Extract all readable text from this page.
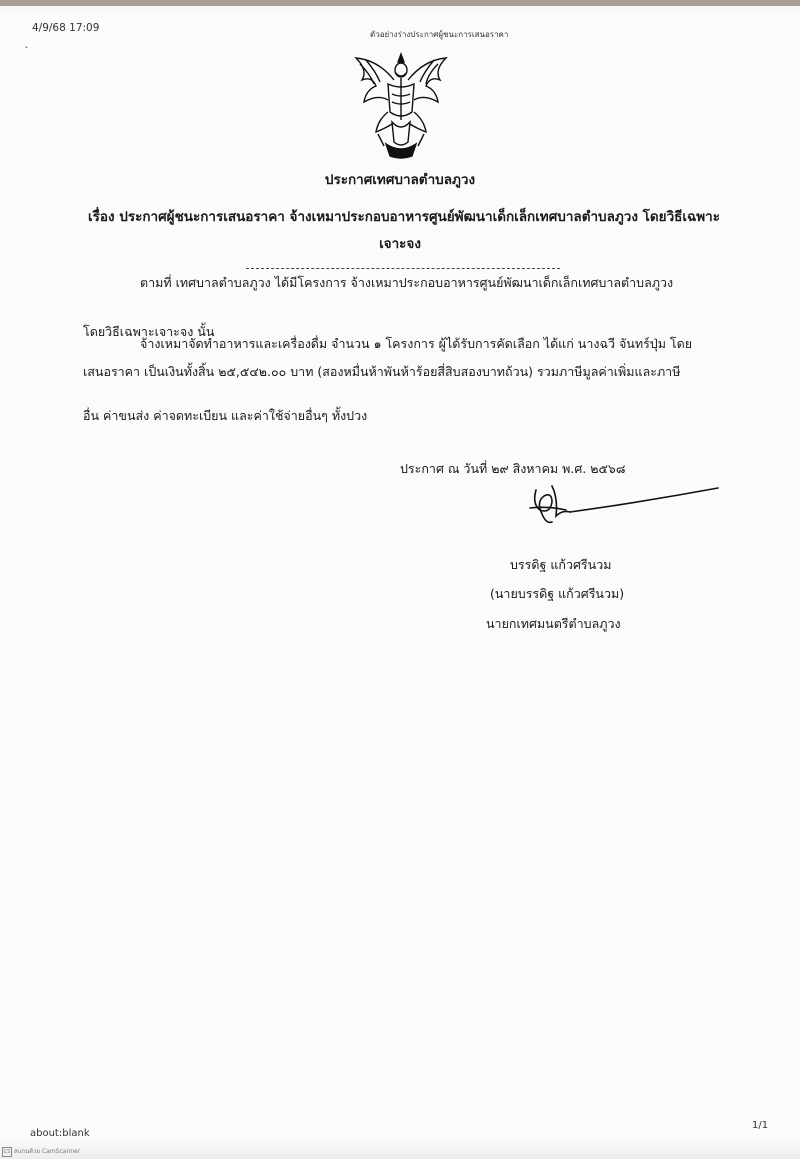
4/9/68 17:09
ตัวอย่างร่างประกาศผู้ชนะการเสนอราคา
˛
ประกาศเทศบาลตำบลภูวง
เรื่อง ประกาศผู้ชนะการเสนอราคา จ้างเหมาประกอบอาหารศูนย์พัฒนาเด็กเล็กเทศบาลตำบลภูวง โดยวิธีเฉพาะ
เจาะจง
ตามที่ เทศบาลตำบลภูวง ได้มีโครงการ จ้างเหมาประกอบอาหารศูนย์พัฒนาเด็กเล็กเทศบาลตำบลภูวง
โดยวิธีเฉพาะเจาะจง นั้น
จ้างเหมาจัดทำอาหารและเครื่องดื่ม จำนวน ๑ โครงการ ผู้ได้รับการคัดเลือก ได้แก่ นางฉวี จันทร์ปุ่ม โดย
เสนอราคา เป็นเงินทั้งสิ้น ๒๕,๕๔๒.๐๐ บาท (สองหมื่นห้าพันห้าร้อยสี่สิบสองบาทถ้วน) รวมภาษีมูลค่าเพิ่มและภาษี
อื่น ค่าขนส่ง ค่าจดทะเบียน และค่าใช้จ่ายอื่นๆ ทั้งปวง
ประกาศ ณ วันที่ ๒๙ สิงหาคม พ.ศ. ๒๕๖๘
บรรดิฐ แก้วศรีนวม
(นายบรรดิฐ แก้วศรีนวม)
นายกเทศมนตรีตำบลภูวง
about:blank
1/1
CS สแกนด้วย CamScanner
